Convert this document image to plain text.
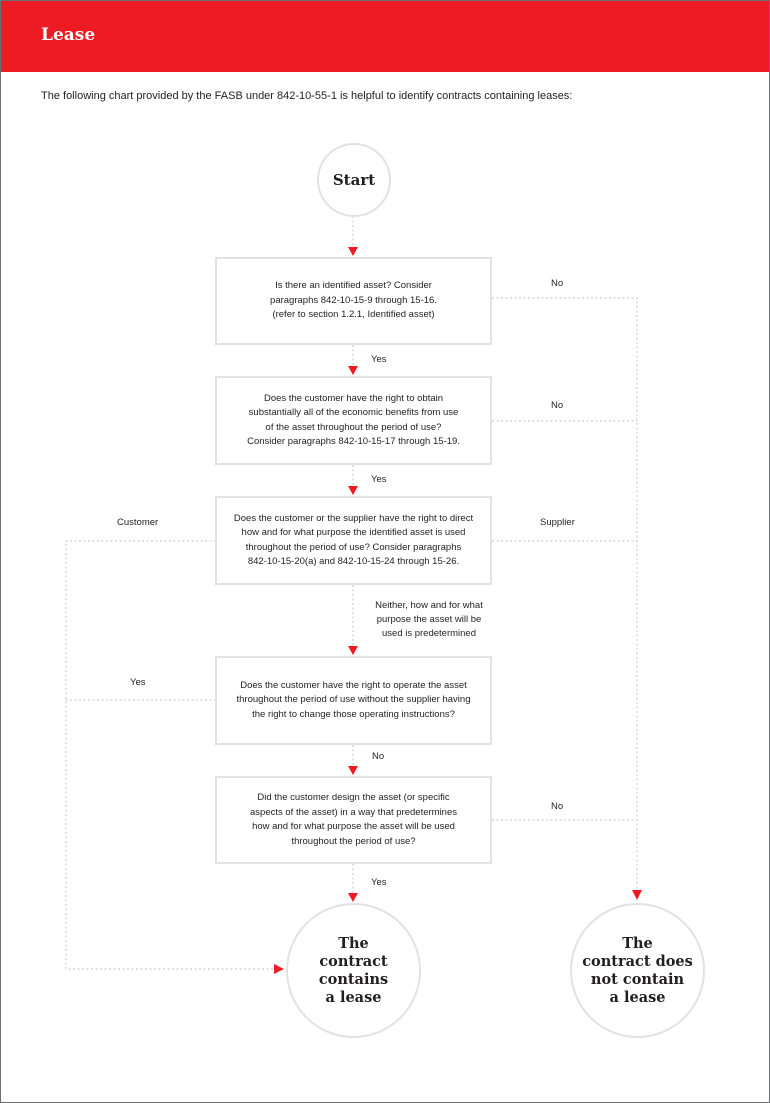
Lease
The following chart provided by the FASB under 842-10-55-1 is helpful to identify contracts containing leases:
Start
Is there an identified asset? Consider
paragraphs 842-10-15-9 through 15-16.
(refer to section 1.2.1, Identified asset)
Does the customer have the right to obtain
substantially all of the economic benefits from use
of the asset throughout the period of use?
Consider paragraphs 842-10-15-17 through 15-19.
Does the customer or the supplier have the right to direct
how and for what purpose the identified asset is used
throughout the period of use? Consider paragraphs
842-10-15-20(a) and 842-10-15-24 through 15-26.
Does the customer have the right to operate the asset
throughout the period of use without the supplier having
the right to change those operating instructions?
Did the customer design the asset (or specific
aspects of the asset) in a way that predetermines
how and for what purpose the asset will be used
throughout the period of use?
The
contract
contains
a lease
The
contract does
not contain
a lease
Yes
No
Yes
No
Customer	Supplier
Neither, how and for what
purpose the asset will be
used is predetermined
Yes
No
No
Yes
